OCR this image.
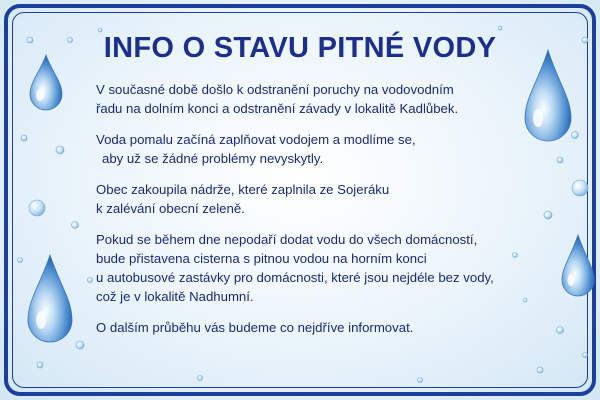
INFO O STAVU PITNÉ VODY

V současné době došlo k odstranění poruchy na vodovodním
řadu na dolním konci a odstranění závady v lokalitě Kadlůbek.

Voda pomalu začíná zaplňovat vodojem a modlíme se,
aby už se žádné problémy nevyskytly.

Obec zakoupila nádrže, které zaplnila ze Sojeráku
k zalévání obecní zeleně.

Pokud se během dne nepodaří dodat vodu do všech domácností,
bude přistavena cisterna s pitnou vodou na horním konci
u autobusové zastávky pro domácnosti, které jsou nejdéle bez vody,
což je v lokalitě Nadhumní.

O dalším průběhu vás budeme co nejdříve informovat.
